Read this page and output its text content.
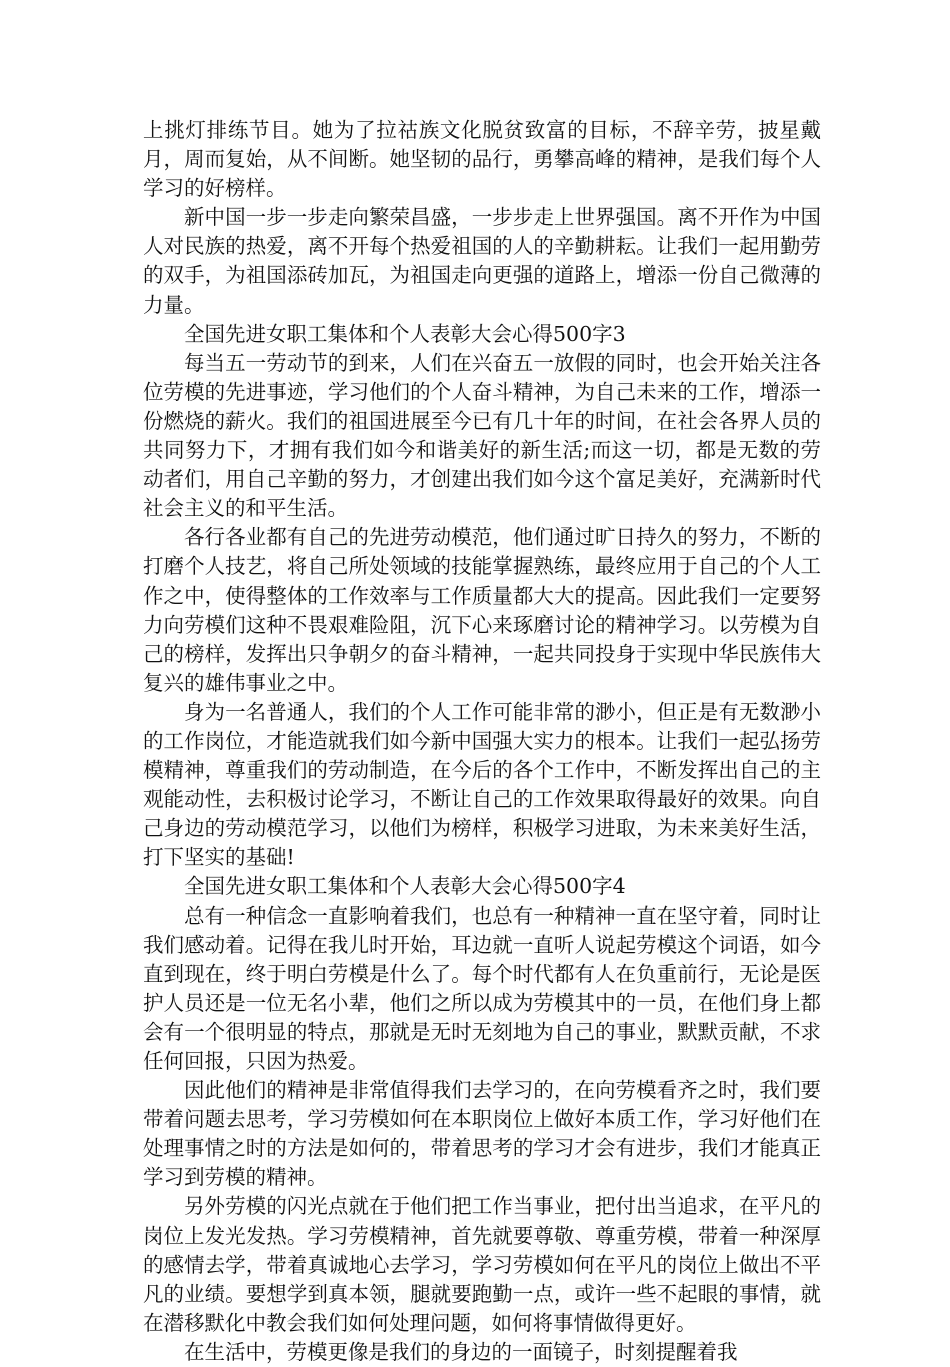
上挑灯排练节目。她为了拉祜族文化脱贫致富的目标，不辞辛劳，披星戴月，周而复始，从不间断。她坚韧的品行，勇攀高峰的精神，是我们每个人学习的好榜样。

新中国一步一步走向繁荣昌盛，一步步走上世界强国。离不开作为中国人对民族的热爱，离不开每个热爱祖国的人的辛勤耕耘。让我们一起用勤劳的双手，为祖国添砖加瓦，为祖国走向更强的道路上，增添一份自己微薄的力量。

全国先进女职工集体和个人表彰大会心得500字3

每当五一劳动节的到来，人们在兴奋五一放假的同时，也会开始关注各位劳模的先进事迹，学习他们的个人奋斗精神，为自己未来的工作，增添一份燃烧的薪火。我们的祖国进展至今已有几十年的时间，在社会各界人员的共同努力下，才拥有我们如今和谐美好的新生活;而这一切，都是无数的劳动者们，用自己辛勤的努力，才创建出我们如今这个富足美好，充满新时代社会主义的和平生活。

各行各业都有自己的先进劳动模范，他们通过旷日持久的努力，不断的打磨个人技艺，将自己所处领域的技能掌握熟练，最终应用于自己的个人工作之中，使得整体的工作效率与工作质量都大大的提高。因此我们一定要努力向劳模们这种不畏艰难险阻，沉下心来琢磨讨论的精神学习。以劳模为自己的榜样，发挥出只争朝夕的奋斗精神，一起共同投身于实现中华民族伟大复兴的雄伟事业之中。

身为一名普通人，我们的个人工作可能非常的渺小，但正是有无数渺小的工作岗位，才能造就我们如今新中国强大实力的根本。让我们一起弘扬劳模精神，尊重我们的劳动制造，在今后的各个工作中，不断发挥出自己的主观能动性，去积极讨论学习，不断让自己的工作效果取得最好的效果。向自己身边的劳动模范学习，以他们为榜样，积极学习进取，为未来美好生活，打下坚实的基础!

全国先进女职工集体和个人表彰大会心得500字4

总有一种信念一直影响着我们，也总有一种精神一直在坚守着，同时让我们感动着。记得在我儿时开始，耳边就一直听人说起劳模这个词语，如今直到现在，终于明白劳模是什么了。每个时代都有人在负重前行，无论是医护人员还是一位无名小辈，他们之所以成为劳模其中的一员，在他们身上都会有一个很明显的特点，那就是无时无刻地为自己的事业，默默贡献，不求任何回报，只因为热爱。

因此他们的精神是非常值得我们去学习的，在向劳模看齐之时，我们要带着问题去思考，学习劳模如何在本职岗位上做好本质工作，学习好他们在处理事情之时的方法是如何的，带着思考的学习才会有进步，我们才能真正学习到劳模的精神。

另外劳模的闪光点就在于他们把工作当事业，把付出当追求，在平凡的岗位上发光发热。学习劳模精神，首先就要尊敬、尊重劳模，带着一种深厚的感情去学，带着真诚地心去学习，学习劳模如何在平凡的岗位上做出不平凡的业绩。要想学到真本领，腿就要跑勤一点，或许一些不起眼的事情，就在潜移默化中教会我们如何处理问题，如何将事情做得更好。

在生活中，劳模更像是我们的身边的一面镜子，时刻提醒着我
